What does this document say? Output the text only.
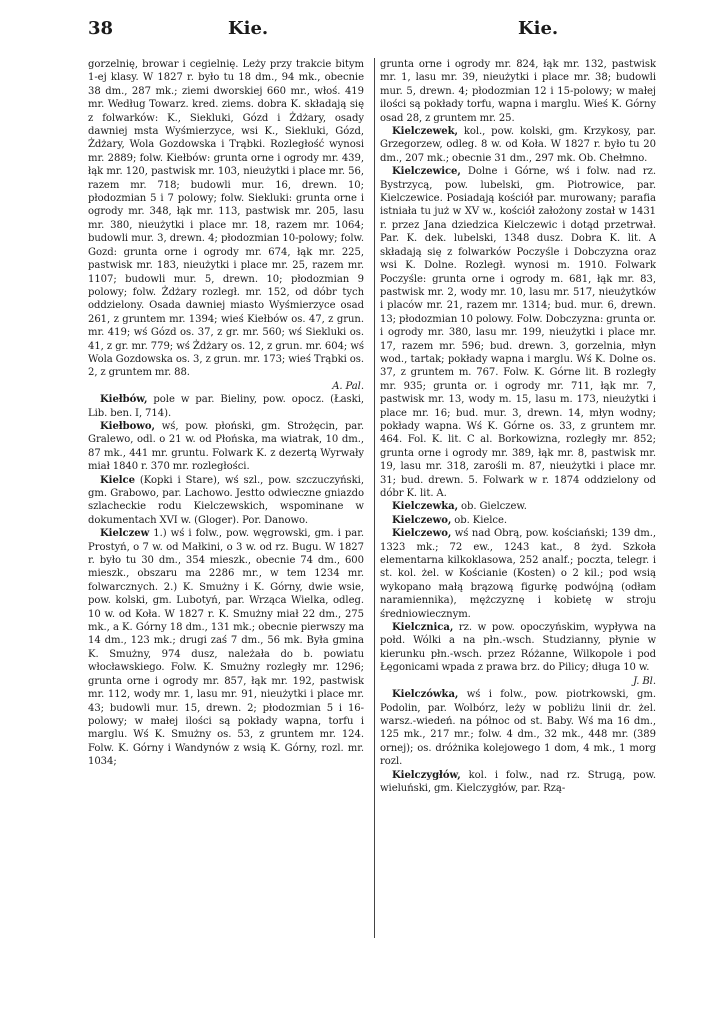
38	Kie.	Kie.

gorzelnię, browar i cegielnię. Leży przy trakcie bitym 1-ej klasy. W 1827 r. było tu 18 dm., 94 mk., obecnie 38 dm., 287 mk.; ziemi dworskiej 660 mr., włoś. 419 mr. Według Towarz. kred. ziems. dobra K. składają się z folwarków: K., Siekluki, Gózd i Żdżary, osady dawniej msta Wyśmierzyce, wsi K., Siekluki, Gózd, Żdżary, Wola Gozdowska i Trąbki. Rozległość wynosi mr. 2889; folw. Kiełbów: grunta orne i ogrody mr. 439, łąk mr. 120, pastwisk mr. 103, nieużytki i place mr. 56, razem mr. 718; budowli mur. 16, drewn. 10; płodozmian 5 i 7 polowy; folw. Siekluki: grunta orne i ogrody mr. 348, łąk mr. 113, pastwisk mr. 205, lasu mr. 380, nieużytki i place mr. 18, razem mr. 1064; budowli mur. 3, drewn. 4; płodozmian 10-polowy; folw. Gozd: grunta orne i ogrody mr. 674, łąk mr. 225, pastwisk mr. 183, nieużytki i place mr. 25, razem mr. 1107; budowli mur. 5, drewn. 10; płodozmian 9 polowy; folw. Żdżary rozległ. mr. 152, od dóbr tych oddzielony. Osada dawniej miasto Wyśmierzyce osad 261, z gruntem mr. 1394; wieś Kiełbów os. 47, z grun. mr. 419; wś Gózd os. 37, z gr. mr. 560; wś Siekluki os. 41, z gr. mr. 779; wś Żdżary os. 12, z grun. mr. 604; wś Wola Gozdowska os. 3, z grun. mr. 173; wieś Trąbki os. 2, z gruntem mr. 88.
A. Pal.

Kiełbów, pole w par. Bieliny, pow. opocz. (Łaski, Lib. ben. I, 714).

Kiełbowo, wś, pow. płoński, gm. Strożęcin, par. Gralewo, odl. o 21 w. od Płońska, ma wiatrak, 10 dm., 87 mk., 441 mr. gruntu. Folwark K. z dezertą Wyrwały miał 1840 r. 370 mr. rozległości.

Kielce (Kopki i Stare), wś szl., pow. szczuczyński, gm. Grabowo, par. Lachowo. Jestto odwieczne gniazdo szlacheckie rodu Kielczewskich, wspominane w dokumentach XVI w. (Gloger). Por. Danowo.

Kielczew 1.) wś i folw., pow. węgrowski, gm. i par. Prostyń, o 7 w. od Małkini, o 3 w. od rz. Bugu. W 1827 r. było tu 30 dm., 354 mieszk., obecnie 74 dm., 600 mieszk., obszaru ma 2286 mr., w tem 1234 mr. folwarcznych. 2.) K. Smużny i K. Górny, dwie wsie, pow. kolski, gm. Lubotyń, par. Wrząca Wielka, odleg. 10 w. od Koła. W 1827 r. K. Smużny miał 22 dm., 275 mk., a K. Górny 18 dm., 131 mk.; obecnie pierwszy ma 14 dm., 123 mk.; drugi zaś 7 dm., 56 mk. Była gmina K. Smużny, 974 dusz, należała do b. powiatu włocławskiego. Folw. K. Smużny rozległy mr. 1296; grunta orne i ogrody mr. 857, łąk mr. 192, pastwisk mr. 112, wody mr. 1, lasu mr. 91, nieużytki i place mr. 43; budowli mur. 15, drewn. 2; płodozmian 5 i 16-polowy; w małej ilości są pokłady wapna, torfu i marglu. Wś K. Smużny os. 53, z gruntem mr. 124. Folw. K. Górny i Wandynów z wsią K. Górny, rozl. mr. 1034;

grunta orne i ogrody mr. 824, łąk mr. 132, pastwisk mr. 1, lasu mr. 39, nieużytki i place mr. 38; budowli mur. 5, drewn. 4; płodozmian 12 i 15-polowy; w małej ilości są pokłady torfu, wapna i marglu. Wieś K. Górny osad 28, z gruntem mr. 25.

Kielczewek, kol., pow. kolski, gm. Krzykosy, par. Grzegorzew, odleg. 8 w. od Koła. W 1827 r. było tu 20 dm., 207 mk.; obecnie 31 dm., 297 mk. Ob. Chełmno.

Kielczewice, Dolne i Górne, wś i folw. nad rz. Bystrzycą, pow. lubelski, gm. Piotrowice, par. Kielczewice. Posiadają kościół par. murowany; parafia istniała tu już w XV w., kościół założony został w 1431 r. przez Jana dziedzica Kielczewic i dotąd przetrwał. Par. K. dek. lubelski, 1348 dusz. Dobra K. lit. A składają się z folwarków Poczyśle i Dobczyzna oraz wsi K. Dolne. Rozległ. wynosi m. 1910. Folwark Poczyśle: grunta orne i ogrody m. 681, łąk mr. 83, pastwisk mr. 2, wody mr. 10, lasu mr. 517, nieużytków i placów mr. 21, razem mr. 1314; bud. mur. 6, drewn. 13; płodozmian 10 polowy. Folw. Dobczyzna: grunta or. i ogrody mr. 380, lasu mr. 199, nieużytki i place mr. 17, razem mr. 596; bud. drewn. 3, gorzelnia, młyn wod., tartak; pokłady wapna i marglu. Wś K. Dolne os. 37, z gruntem m. 767. Folw. K. Górne lit. B rozległy mr. 935; grunta or. i ogrody mr. 711, łąk mr. 7, pastwisk mr. 13, wody m. 15, lasu m. 173, nieużytki i place mr. 16; bud. mur. 3, drewn. 14, młyn wodny; pokłady wapna. Wś K. Górne os. 33, z gruntem mr. 464. Fol. K. lit. C al. Borkowizna, rozległy mr. 852; grunta orne i ogrody mr. 389, łąk mr. 8, pastwisk mr. 19, lasu mr. 318, zarośli m. 87, nieużytki i place mr. 31; bud. drewn. 5. Folwark w r. 1874 oddzielony od dóbr K. lit. A.

Kielczewka, ob. Gielczew.

Kielczewo, ob. Kielce.

Kielczewo, wś nad Obrą, pow. kościański; 139 dm., 1323 mk.; 72 ew., 1243 kat., 8 żyd. Szkoła elementarna kilkoklasowa, 252 analf.; poczta, telegr. i st. kol. żel. w Kościanie (Kosten) o 2 kil.; pod wsią wykopano małą brązową figurkę podwójną (odłam naramiennika), mężczyznę i kobietę w stroju średniowiecznym.

Kielcznica, rz. w pow. opoczyńskim, wypływa na połd. Wólki a na płn.-wsch. Studzianny, płynie w kierunku płn.-wsch. przez Różanne, Wilkopole i pod Łęgonicami wpada z prawa brz. do Pilicy; długa 10 w.
J. Bl.

Kielczówka, wś i folw., pow. piotrkowski, gm. Podolin, par. Wolbórz, leży w pobliżu linii dr. żel. warsz.-wiedeń. na północ od st. Baby. Wś ma 16 dm., 125 mk., 217 mr.; folw. 4 dm., 32 mk., 448 mr. (389 ornej); os. dróżnika kolejowego 1 dom, 4 mk., 1 morg rozl.

Kielczygłów, kol. i folw., nad rz. Strugą, pow. wieluński, gm. Kielczygłów, par. Rzą-
